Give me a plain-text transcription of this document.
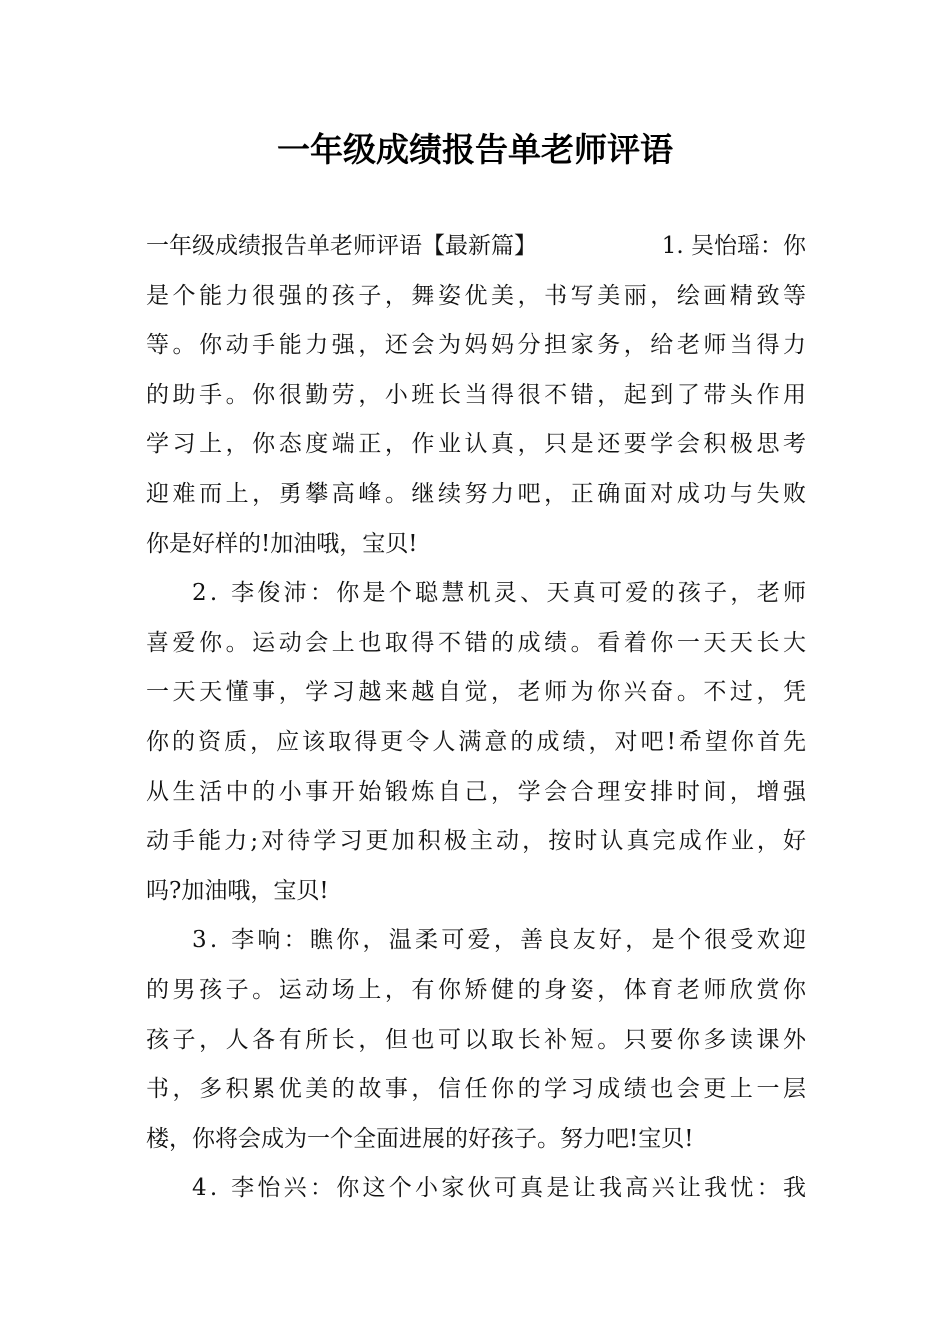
一年级成绩报告单老师评语
一年级成绩报告单老师评语【最新篇】	1. 吴怡瑶：你
是个能力很强的孩子，舞姿优美，书写美丽，绘画精致等
等。你动手能力强，还会为妈妈分担家务，给老师当得力
的助手。你很勤劳，小班长当得很不错，起到了带头作用
学习上，你态度端正，作业认真，只是还要学会积极思考
迎难而上，勇攀高峰。继续努力吧，正确面对成功与失败
你是好样的!加油哦，宝贝!
2. 李俊沛：你是个聪慧机灵、天真可爱的孩子，老师
喜爱你。运动会上也取得不错的成绩。看着你一天天长大
一天天懂事，学习越来越自觉，老师为你兴奋。不过，凭
你的资质，应该取得更令人满意的成绩，对吧!希望你首先
从生活中的小事开始锻炼自己，学会合理安排时间，增强
动手能力;对待学习更加积极主动，按时认真完成作业，好
吗?加油哦，宝贝!
3. 李响：瞧你，温柔可爱，善良友好，是个很受欢迎
的男孩子。运动场上，有你矫健的身姿，体育老师欣赏你
孩子，人各有所长，但也可以取长补短。只要你多读课外
书，多积累优美的故事，信任你的学习成绩也会更上一层
楼，你将会成为一个全面进展的好孩子。努力吧!宝贝!
4. 李怡兴：你这个小家伙可真是让我高兴让我忧：我
